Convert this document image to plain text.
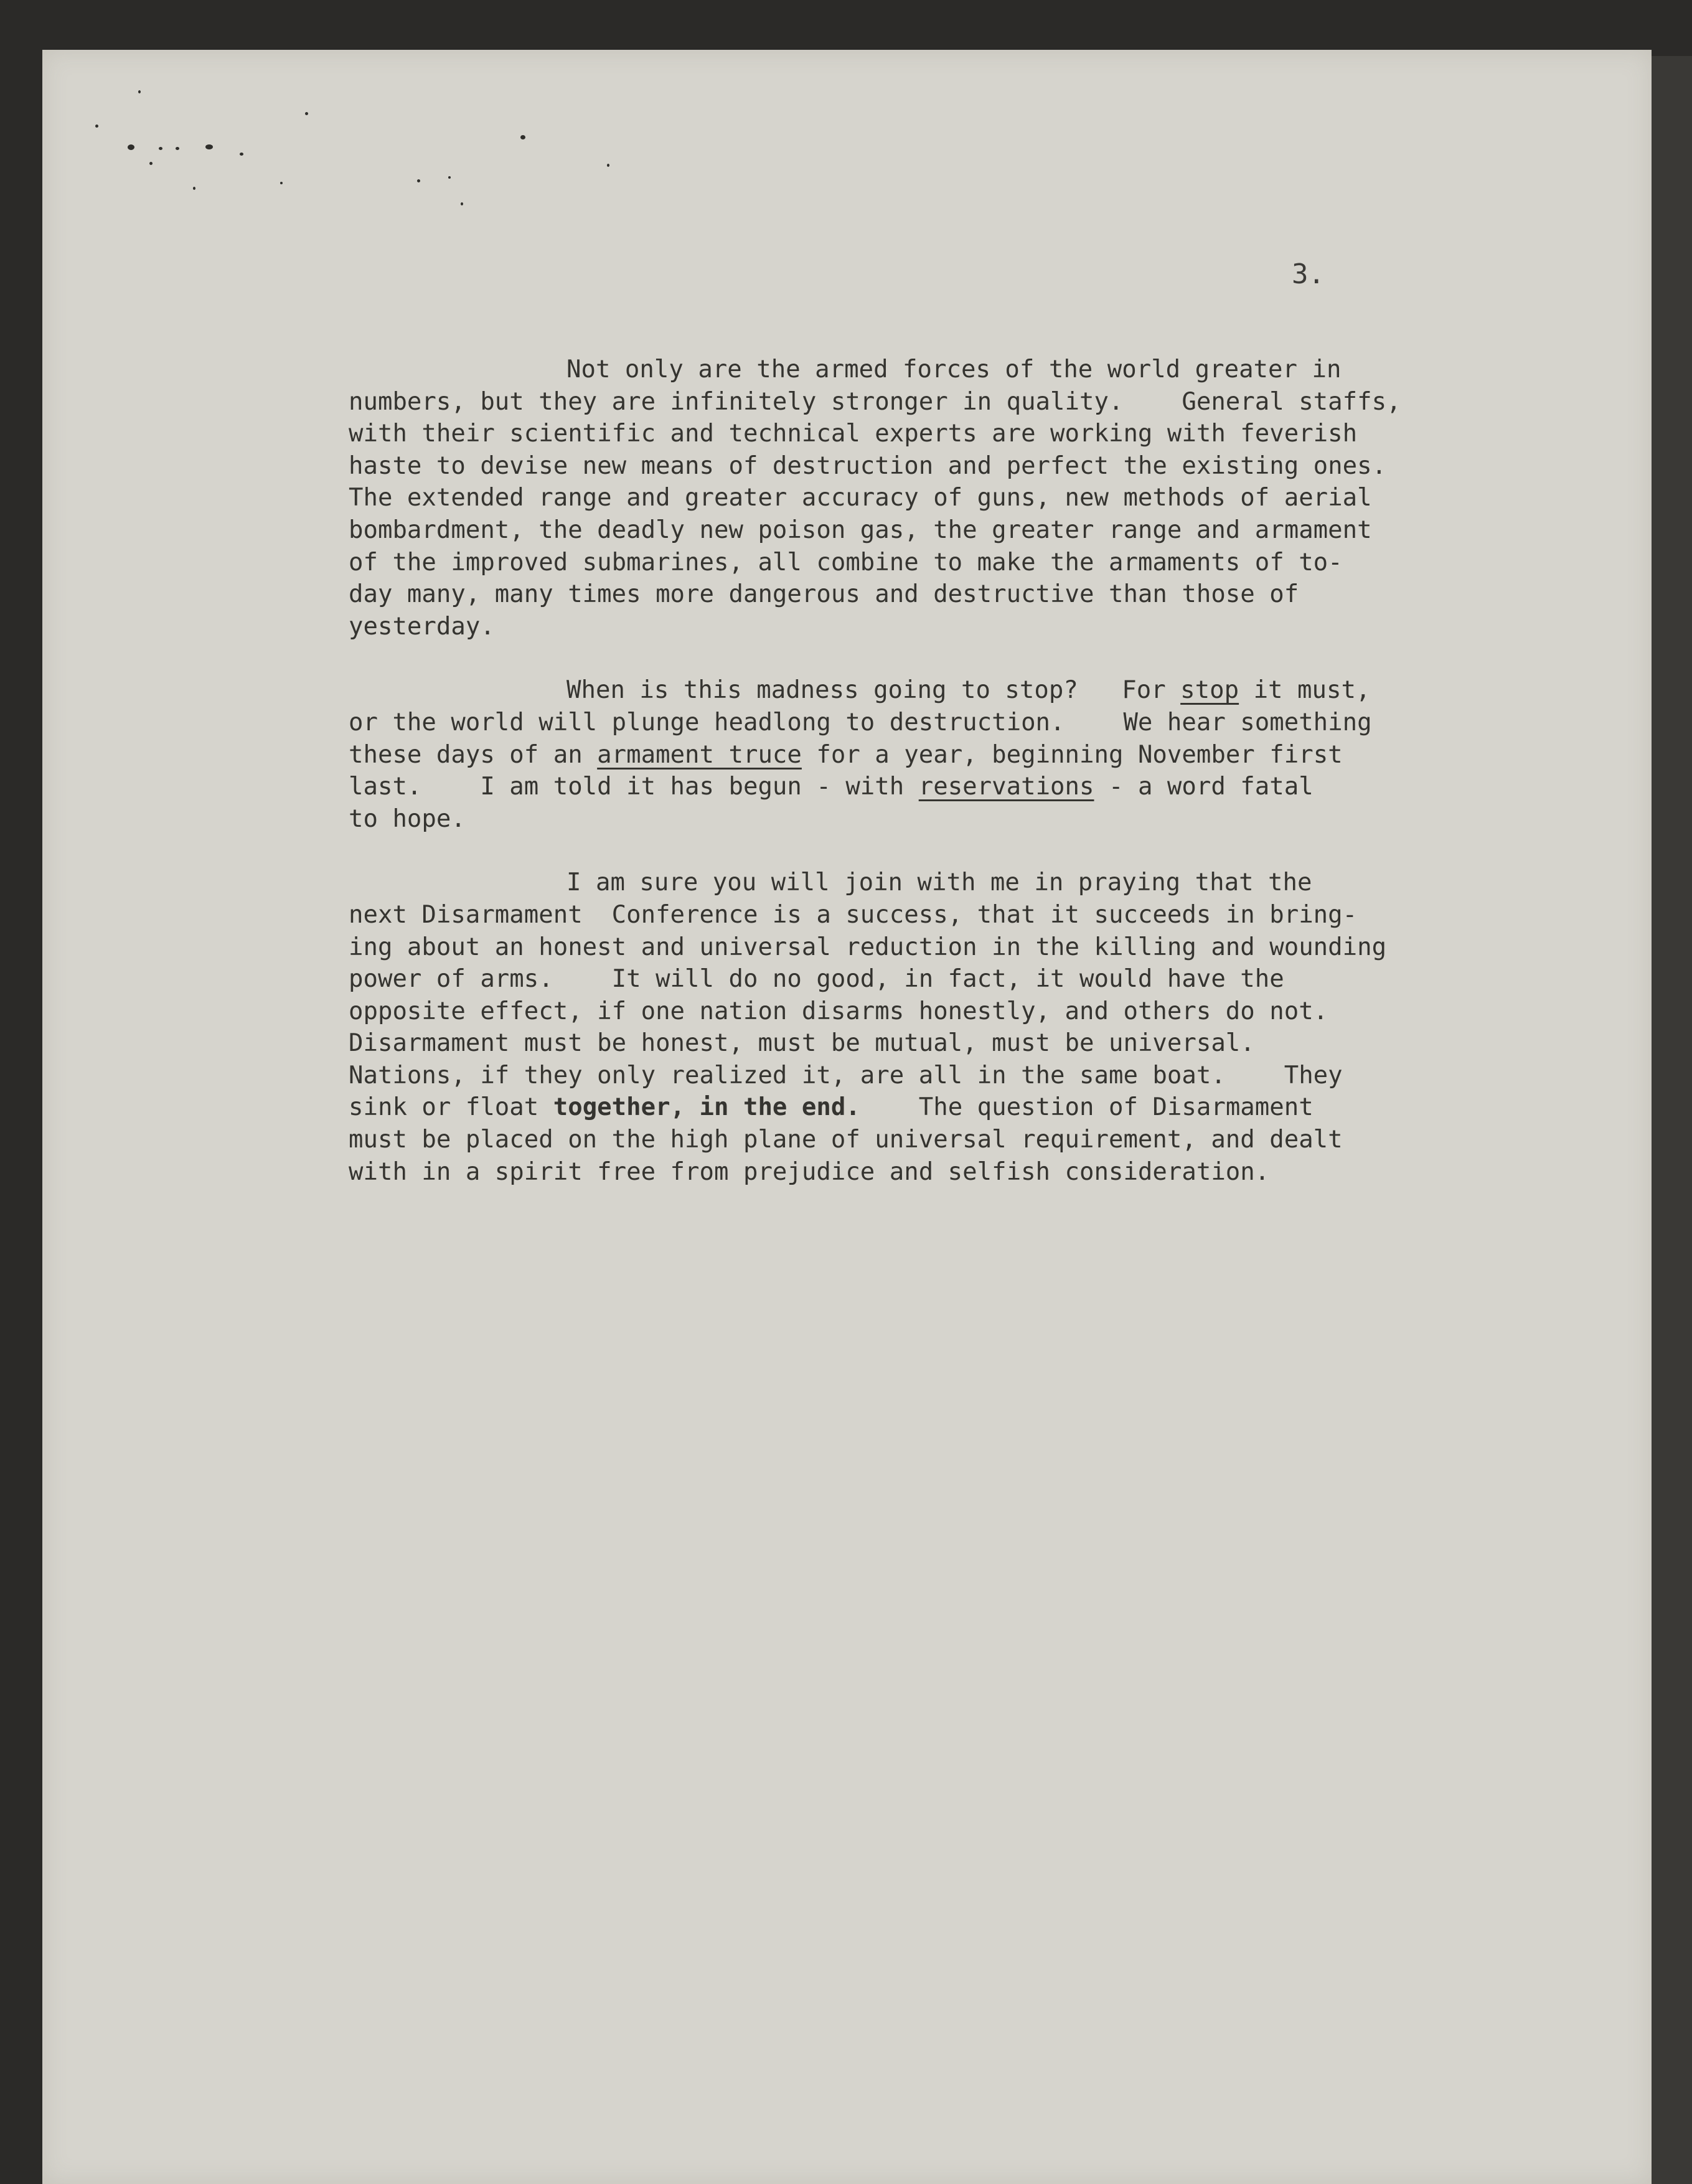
3.
Not only are the armed forces of the world greater in
numbers, but they are infinitely stronger in quality.    General staffs,
with their scientific and technical experts are working with feverish
haste to devise new means of destruction and perfect the existing ones.
The extended range and greater accuracy of guns, new methods of aerial
bombardment, the deadly new poison gas, the greater range and armament
of the improved submarines, all combine to make the armaments of to-
day many, many times more dangerous and destructive than those of
yesterday.
When is this madness going to stop?   For stop it must,
or the world will plunge headlong to destruction.    We hear something
these days of an armament truce for a year, beginning November first
last.    I am told it has begun - with reservations - a word fatal
to hope.
I am sure you will join with me in praying that the
next Disarmament  Conference is a success, that it succeeds in bring-
ing about an honest and universal reduction in the killing and wounding
power of arms.    It will do no good, in fact, it would have the
opposite effect, if one nation disarms honestly, and others do not.
Disarmament must be honest, must be mutual, must be universal.
Nations, if they only realized it, are all in the same boat.    They
sink or float together, in the end.    The question of Disarmament
must be placed on the high plane of universal requirement, and dealt
with in a spirit free from prejudice and selfish consideration.
